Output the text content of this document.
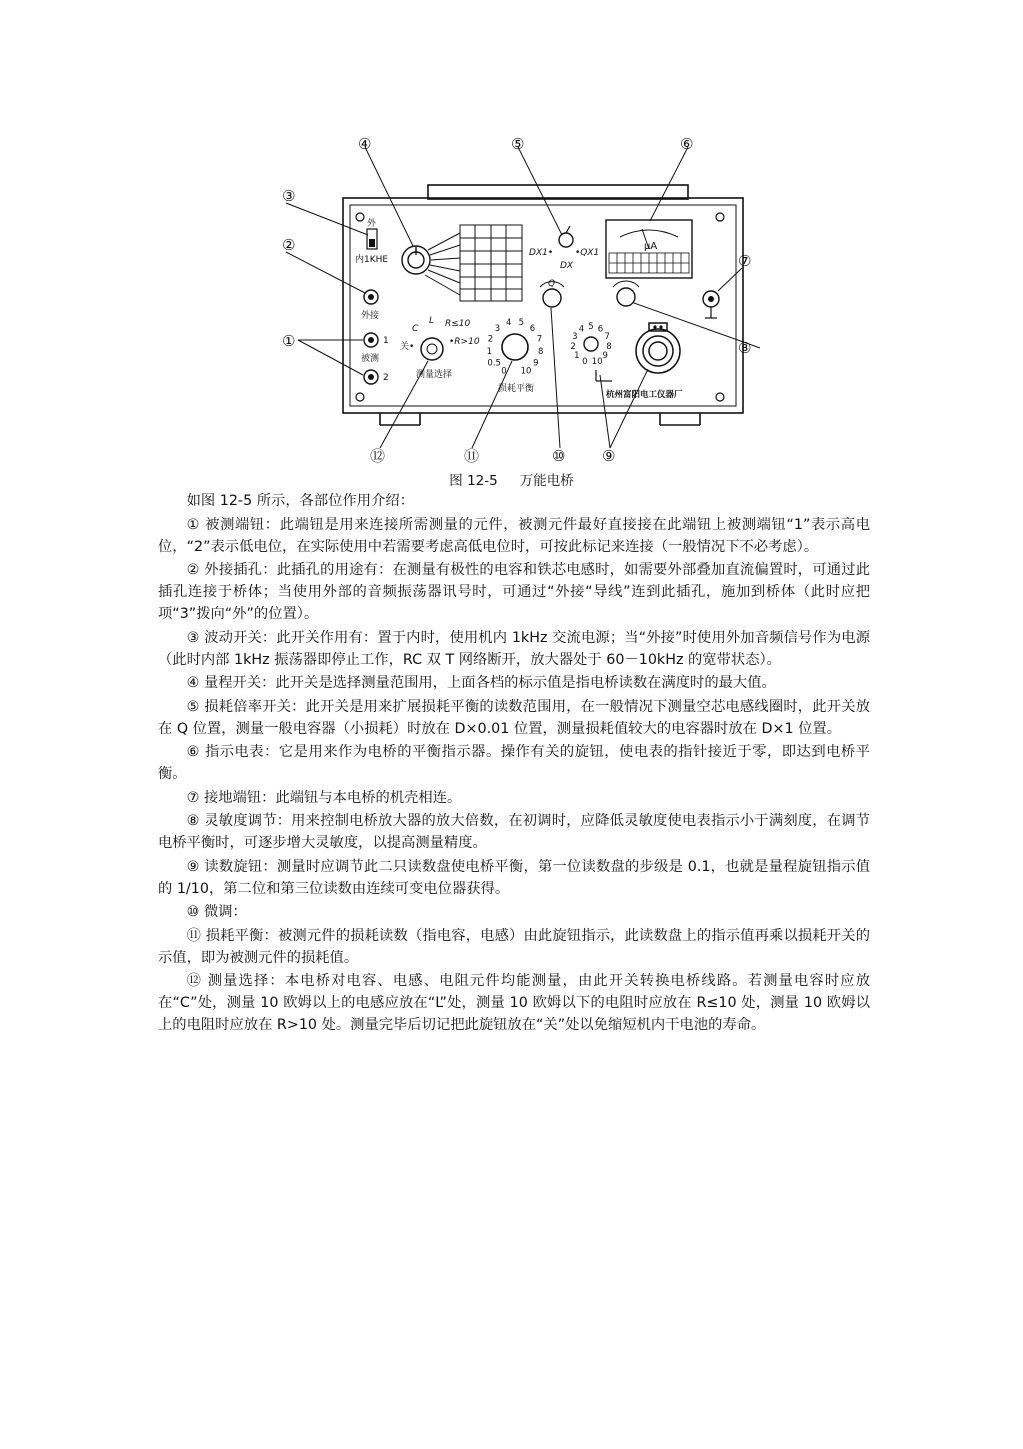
外
内1KHE
外接
1
被测
2
DX1• •QX1
DX
Q
μA
C
L R≤10
•R>10
关•
测量选择	0
0.5
1
2
3
4 5
6
7
8
9
10
损耗平衡
0
1
2
3
4 5 6
7
8
9
10
杭州富阳电工仪器厂
④	⑤	⑥
③
②
①
⑦
⑧
⑫	⑪	⑩ ⑨
图 12-5 万能电桥

如图 12-5 所示，各部位作用介绍：

① 被测端钮：此端钮是用来连接所需测量的元件，被测元件最好直接接在此端钮上被测端钮“1”表示高电位，“2”表示低电位，在实际使用中若需要考虑高低电位时，可按此标记来连接（一般情况下不必考虑）。

② 外接插孔：此插孔的用途有：在测量有极性的电容和铁芯电感时，如需要外部叠加直流偏置时，可通过此插孔连接于桥体；当使用外部的音频振荡器讯号时，可通过“外接“导线”连到此插孔，施加到桥体（此时应把项“3”拨向“外”的位置）。

③ 波动开关：此开关作用有：置于内时，使用机内 1kHz 交流电源；当“外接”时使用外加音频信号作为电源（此时内部 1kHz 振荡器即停止工作，RC 双 T 网络断开，放大器处于 60－10kHz 的宽带状态）。

④ 量程开关：此开关是选择测量范围用，上面各档的标示值是指电桥读数在满度时的最大值。

⑤ 损耗倍率开关：此开关是用来扩展损耗平衡的读数范围用，在一般情况下测量空芯电感线圈时，此开关放在 Q 位置，测量一般电容器（小损耗）时放在 D×0.01 位置，测量损耗值较大的电容器时放在 D×1 位置。

⑥ 指示电表：它是用来作为电桥的平衡指示器。操作有关的旋钮，使电表的指针接近于零，即达到电桥平衡。

⑦ 接地端钮：此端钮与本电桥的机壳相连。

⑧ 灵敏度调节：用来控制电桥放大器的放大倍数，在初调时，应降低灵敏度使电表指示小于满刻度，在调节电桥平衡时，可逐步增大灵敏度，以提高测量精度。

⑨ 读数旋钮：测量时应调节此二只读数盘使电桥平衡，第一位读数盘的步级是 0.1，也就是量程旋钮指示值的 1/10，第二位和第三位读数由连续可变电位器获得。

⑩ 微调：

⑪ 损耗平衡：被测元件的损耗读数（指电容，电感）由此旋钮指示，此读数盘上的指示值再乘以损耗开关的示值，即为被测元件的损耗值。

⑫ 测量选择：本电桥对电容、电感、电阻元件均能测量，由此开关转换电桥线路。若测量电容时应放在“C”处，测量 10 欧姆以上的电感应放在“L”处，测量 10 欧姆以下的电阻时应放在 R≤10 处，测量 10 欧姆以上的电阻时应放在 R>10 处。测量完毕后切记把此旋钮放在“关”处以免缩短机内干电池的寿命。
